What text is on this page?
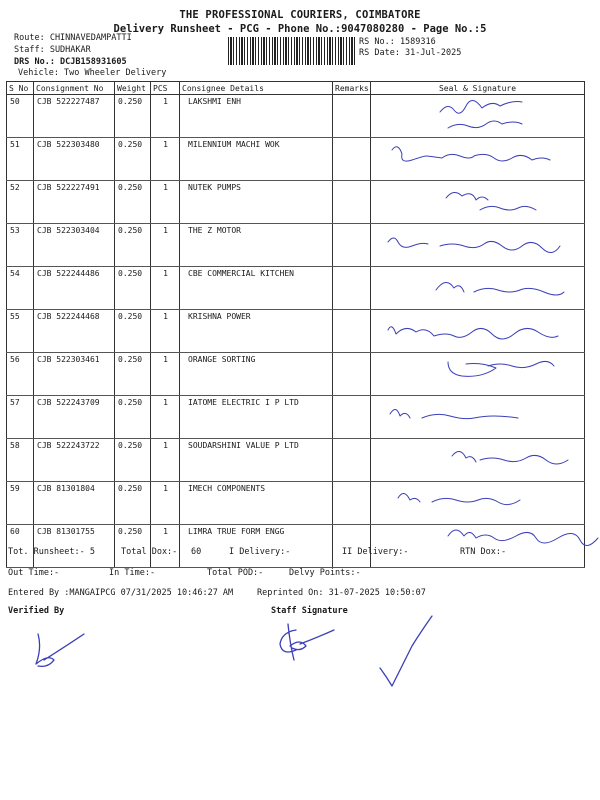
THE PROFESSIONAL COURIERS, COIMBATORE
Delivery Runsheet - PCG - Phone No.:9047080280 - Page No.:5
Route: CHINNAVEDAMPATTI
Staff: SUDHAKAR
DRS No.: DCJB158931605
Vehicle: Two Wheeler Delivery
RS No.: 1589316
RS Date: 31-Jul-2025
S No	Consignment No	Weight	PCS	Consignee Details	Remarks	Seal & Signature
50	CJB 522227487	0.250	1	LAKSHMI ENH		
51	CJB 522303480	0.250	1	MILENNIUM MACHI WOK		
52	CJB 522227491	0.250	1	NUTEK PUMPS		
53	CJB 522303404	0.250	1	THE Z MOTOR		
54	CJB 522244486	0.250	1	CBE COMMERCIAL KITCHEN		
55	CJB 522244468	0.250	1	KRISHNA POWER		
56	CJB 522303461	0.250	1	ORANGE SORTING		
57	CJB 522243709	0.250	1	IATOME ELECTRIC I P LTD		
58	CJB 522243722	0.250	1	SOUDARSHINI VALUE P LTD		
59	CJB 81301804	0.250	1	IMECH COMPONENTS		
60	CJB 81301755	0.250	1	LIMRA TRUE FORM ENGG		
Tot. Runsheet:- 5	Total Dox:- 60	I Delivery:-	II Delivery:-	RTN Dox:-
Out Time:-	In Time:-	Total POD:-	Delvy Points:-
Entered By :MANGAIPCG 07/31/2025 10:46:27 AM	Reprinted On: 31-07-2025 10:50:07
Verified By	Staff Signature
